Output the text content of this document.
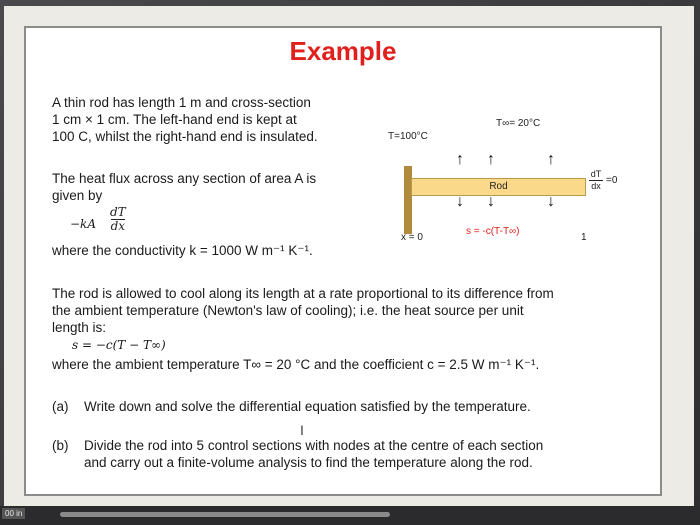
Example
A thin rod has length 1 m and cross-section
1 cm × 1 cm. The left-hand end is kept at
100 C, whilst the right-hand end is insulated.
The heat flux across any section of area A is
given by
−kA
dT
dx
where the conductivity k = 1000 W m⁻¹ K⁻¹.
The rod is allowed to cool along its length at a rate proportional to its difference from
the ambient temperature (Newton's law of cooling); i.e. the heat source per unit
length is:
s = −c(T − T∞)
where the ambient temperature T∞ = 20 °C and the coefficient c = 2.5 W m⁻¹ K⁻¹.
(a) Write down and solve the differential equation satisfied by the temperature.
(b) Divide the rod into 5 control sections with nodes at the centre of each section
and carry out a finite-volume analysis to find the temperature along the rod.
T∞= 20°C
T=100°C
Rod
↑ ↑	↑
↓ ↓	↓
dT
dx =0
x = 0
s = -c(T-T∞)
1
I
00 in
